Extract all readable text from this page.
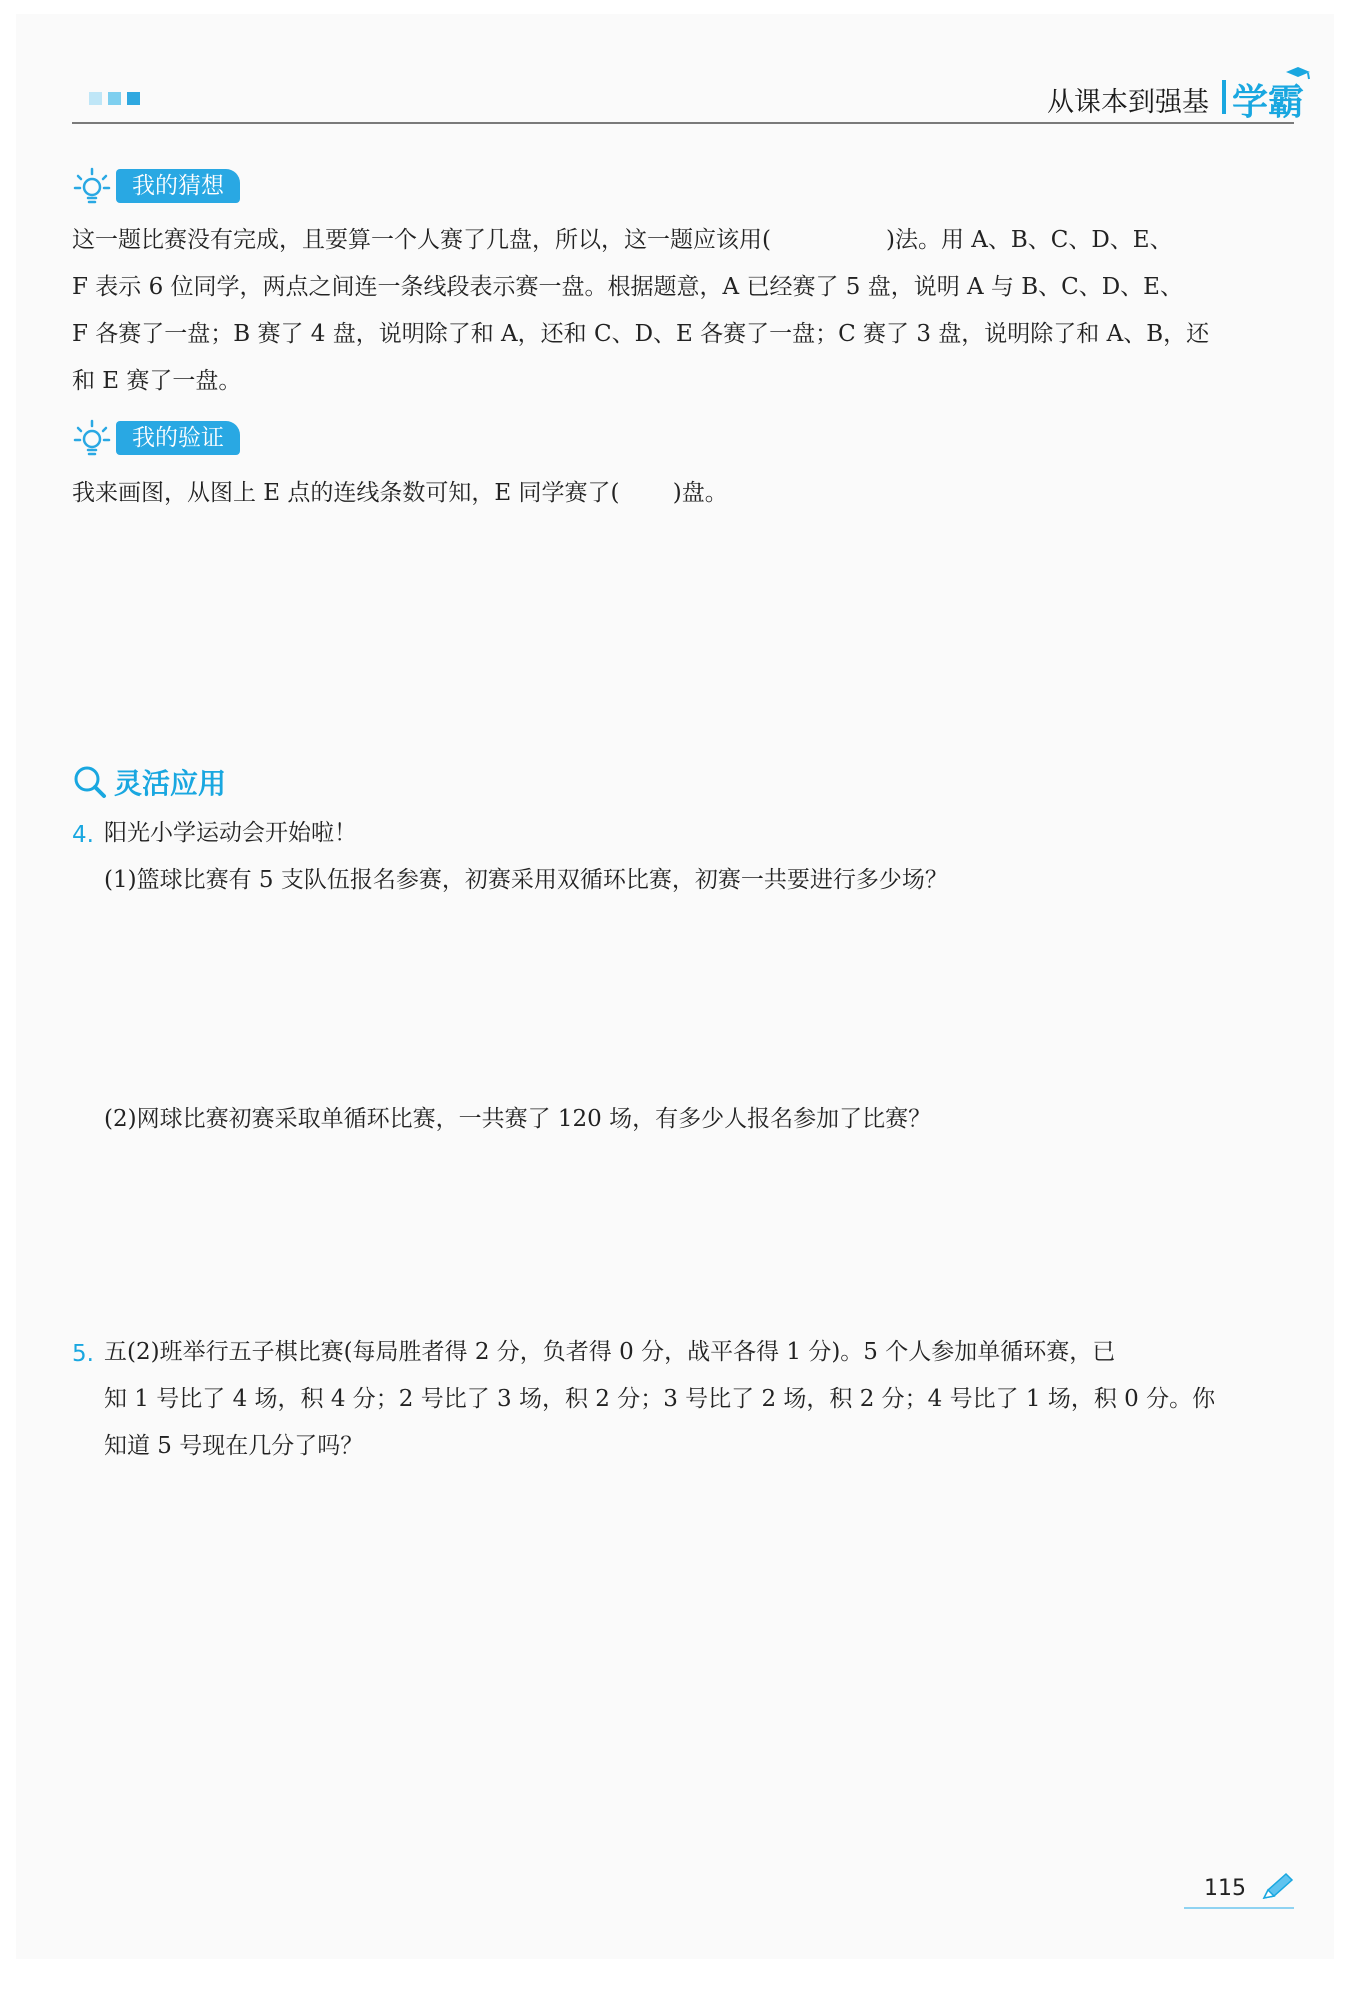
从课本到强基 学霸
我的猜想
这一题比赛没有完成，且要算一个人赛了几盘，所以，这一题应该用(　　　　　)法。用 A、B、C、D、E、
F 表示 6 位同学，两点之间连一条线段表示赛一盘。根据题意，A 已经赛了 5 盘，说明 A 与 B、C、D、E、
F 各赛了一盘；B 赛了 4 盘，说明除了和 A，还和 C、D、E 各赛了一盘；C 赛了 3 盘，说明除了和 A、B，还
和 E 赛了一盘。
我的验证
我来画图，从图上 E 点的连线条数可知，E 同学赛了(　　 )盘。
灵活应用
4. 阳光小学运动会开始啦！
(1)篮球比赛有 5 支队伍报名参赛，初赛采用双循环比赛，初赛一共要进行多少场？
(2)网球比赛初赛采取单循环比赛，一共赛了 120 场，有多少人报名参加了比赛？
5. 五(2)班举行五子棋比赛(每局胜者得 2 分，负者得 0 分，战平各得 1 分)。5 个人参加单循环赛，已
知 1 号比了 4 场，积 4 分；2 号比了 3 场，积 2 分；3 号比了 2 场，积 2 分；4 号比了 1 场，积 0 分。你
知道 5 号现在几分了吗？
115
